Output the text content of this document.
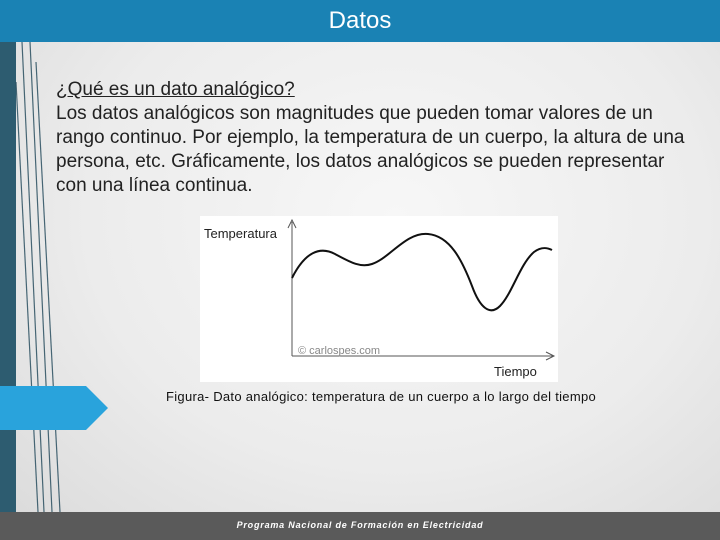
Datos
¿Qué es un dato analógico?
Los datos analógicos son magnitudes que pueden tomar valores de un rango continuo. Por ejemplo, la temperatura de un cuerpo, la altura de una persona, etc. Gráficamente, los datos analógicos se pueden representar con una línea continua.
Temperatura
Tiempo
© carlospes.com
Figura- Dato analógico: temperatura de un cuerpo a lo largo del tiempo
Programa Nacional de Formación en Electricidad
